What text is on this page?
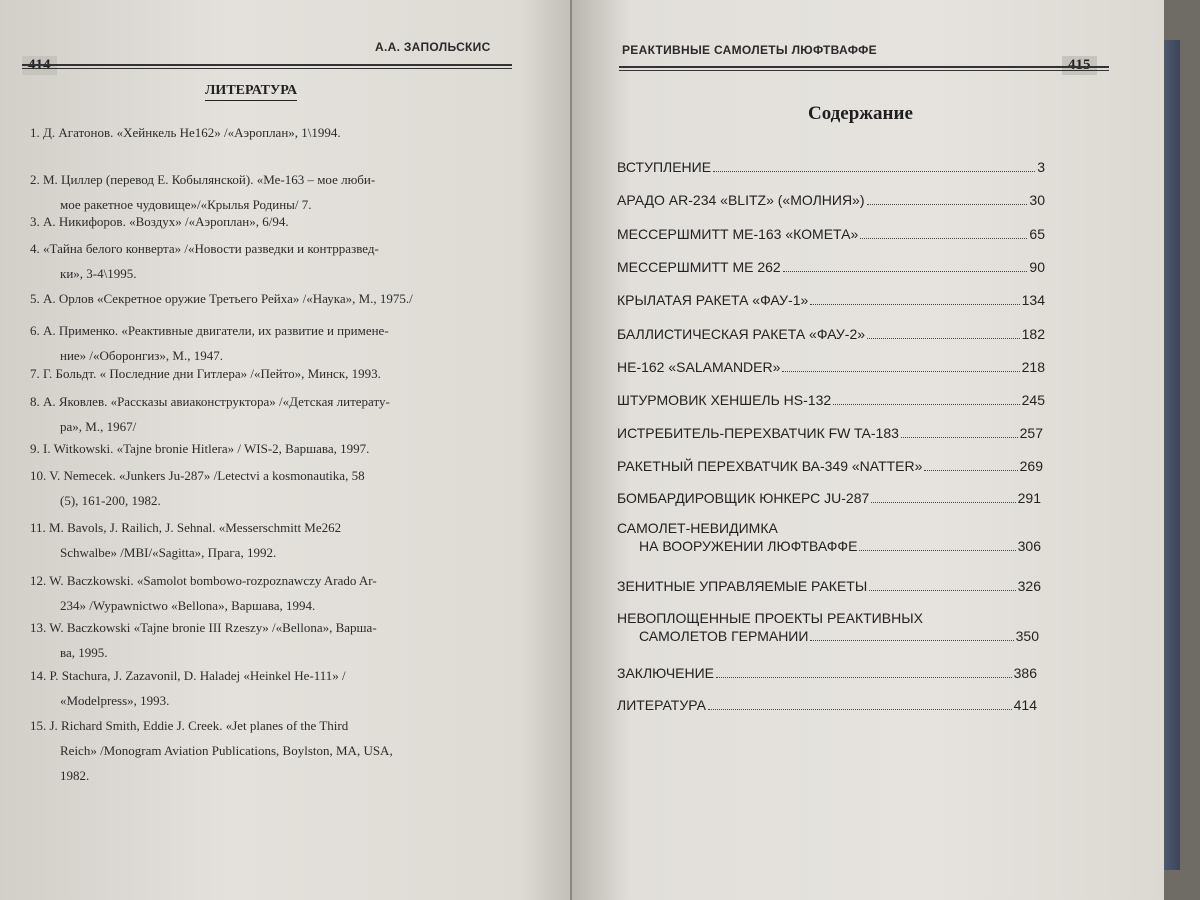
414
А.А. ЗАПОЛЬСКИС
ЛИТЕРАТУРА
1. Д. Агатонов. «Хейнкель Не162» /«Аэроплан», 1\1994.
2. М. Циллер (перевод Е. Кобылянской). «Ме-163 – мое люби-
мое ракетное чудовище»/«Крылья Родины/ 7.
3. А. Никифоров. «Воздух» /«Аэроплан», 6/94.
4. «Тайна белого конверта» /«Новости разведки и контрразвед-
ки», 3-4\1995.
5. А. Орлов «Секретное оружие Третьего Рейха» /«Наука», М., 1975./
6. А. Применко. «Реактивные двигатели, их развитие и примене-
ние» /«Оборонгиз», М., 1947.
7. Г. Больдт. « Последние дни Гитлера» /«Пейто», Минск, 1993.
8. А. Яковлев. «Рассказы авиаконструктора» /«Детская литерату-
ра», М., 1967/
9. I. Witkowski. «Tajne bronie Hitlera» / WIS-2, Варшава, 1997.
10. V. Nemecek. «Junkers Ju-287» /Letectvi a kosmonautika, 58
(5), 161-200, 1982.
11. M. Bavols, J. Railich, J. Sehnal. «Messerschmitt Me262
Schwalbe» /MBI/«Sagitta», Прага, 1992.
12. W. Baczkowski. «Samolot bombowo-rozpoznawczy Arado Ar-
234» /Wypawnictwo «Bellona», Варшава, 1994.
13. W. Baczkowski «Tajne bronie III Rzeszy» /«Bellona», Варша-
ва, 1995.
14. P. Stachura, J. Zazavonil, D. Haladej «Heinkel He-111» /
«Modelpress», 1993.
15. J. Richard Smith, Eddie J. Creek. «Jet planes of the Third
Reich» /Monogram Aviation Publications, Boylston, MA, USA,
1982.
415
РЕАКТИВНЫЕ САМОЛЕТЫ ЛЮФТВАФФЕ
Содержание
ВСТУПЛЕНИЕ	3
АРАДО AR-234 «BLITZ» («МОЛНИЯ»)	30
МЕССЕРШМИТТ МЕ-163 «КОМЕТА»	65
МЕССЕРШМИТТ МЕ 262	90
КРЫЛАТАЯ РАКЕТА «ФАУ-1»	134
БАЛЛИСТИЧЕСКАЯ РАКЕТА «ФАУ-2»	182
НЕ-162 «SALAMANDER»	218
ШТУРМОВИК ХЕНШЕЛЬ HS-132	245
ИСТРЕБИТЕЛЬ-ПЕРЕХВАТЧИК FW TA-183	257
РАКЕТНЫЙ ПЕРЕХВАТЧИК ВА-349 «NATTER»	269
БОМБАРДИРОВЩИК ЮНКЕРС JU-287	291
САМОЛЕТ-НЕВИДИМКА
НА ВООРУЖЕНИИ ЛЮФТВАФФЕ	306
ЗЕНИТНЫЕ УПРАВЛЯЕМЫЕ РАКЕТЫ	326
НЕВОПЛОЩЕННЫЕ ПРОЕКТЫ РЕАКТИВНЫХ
САМОЛЕТОВ ГЕРМАНИИ	350
ЗАКЛЮЧЕНИЕ	386
ЛИТЕРАТУРА	414
